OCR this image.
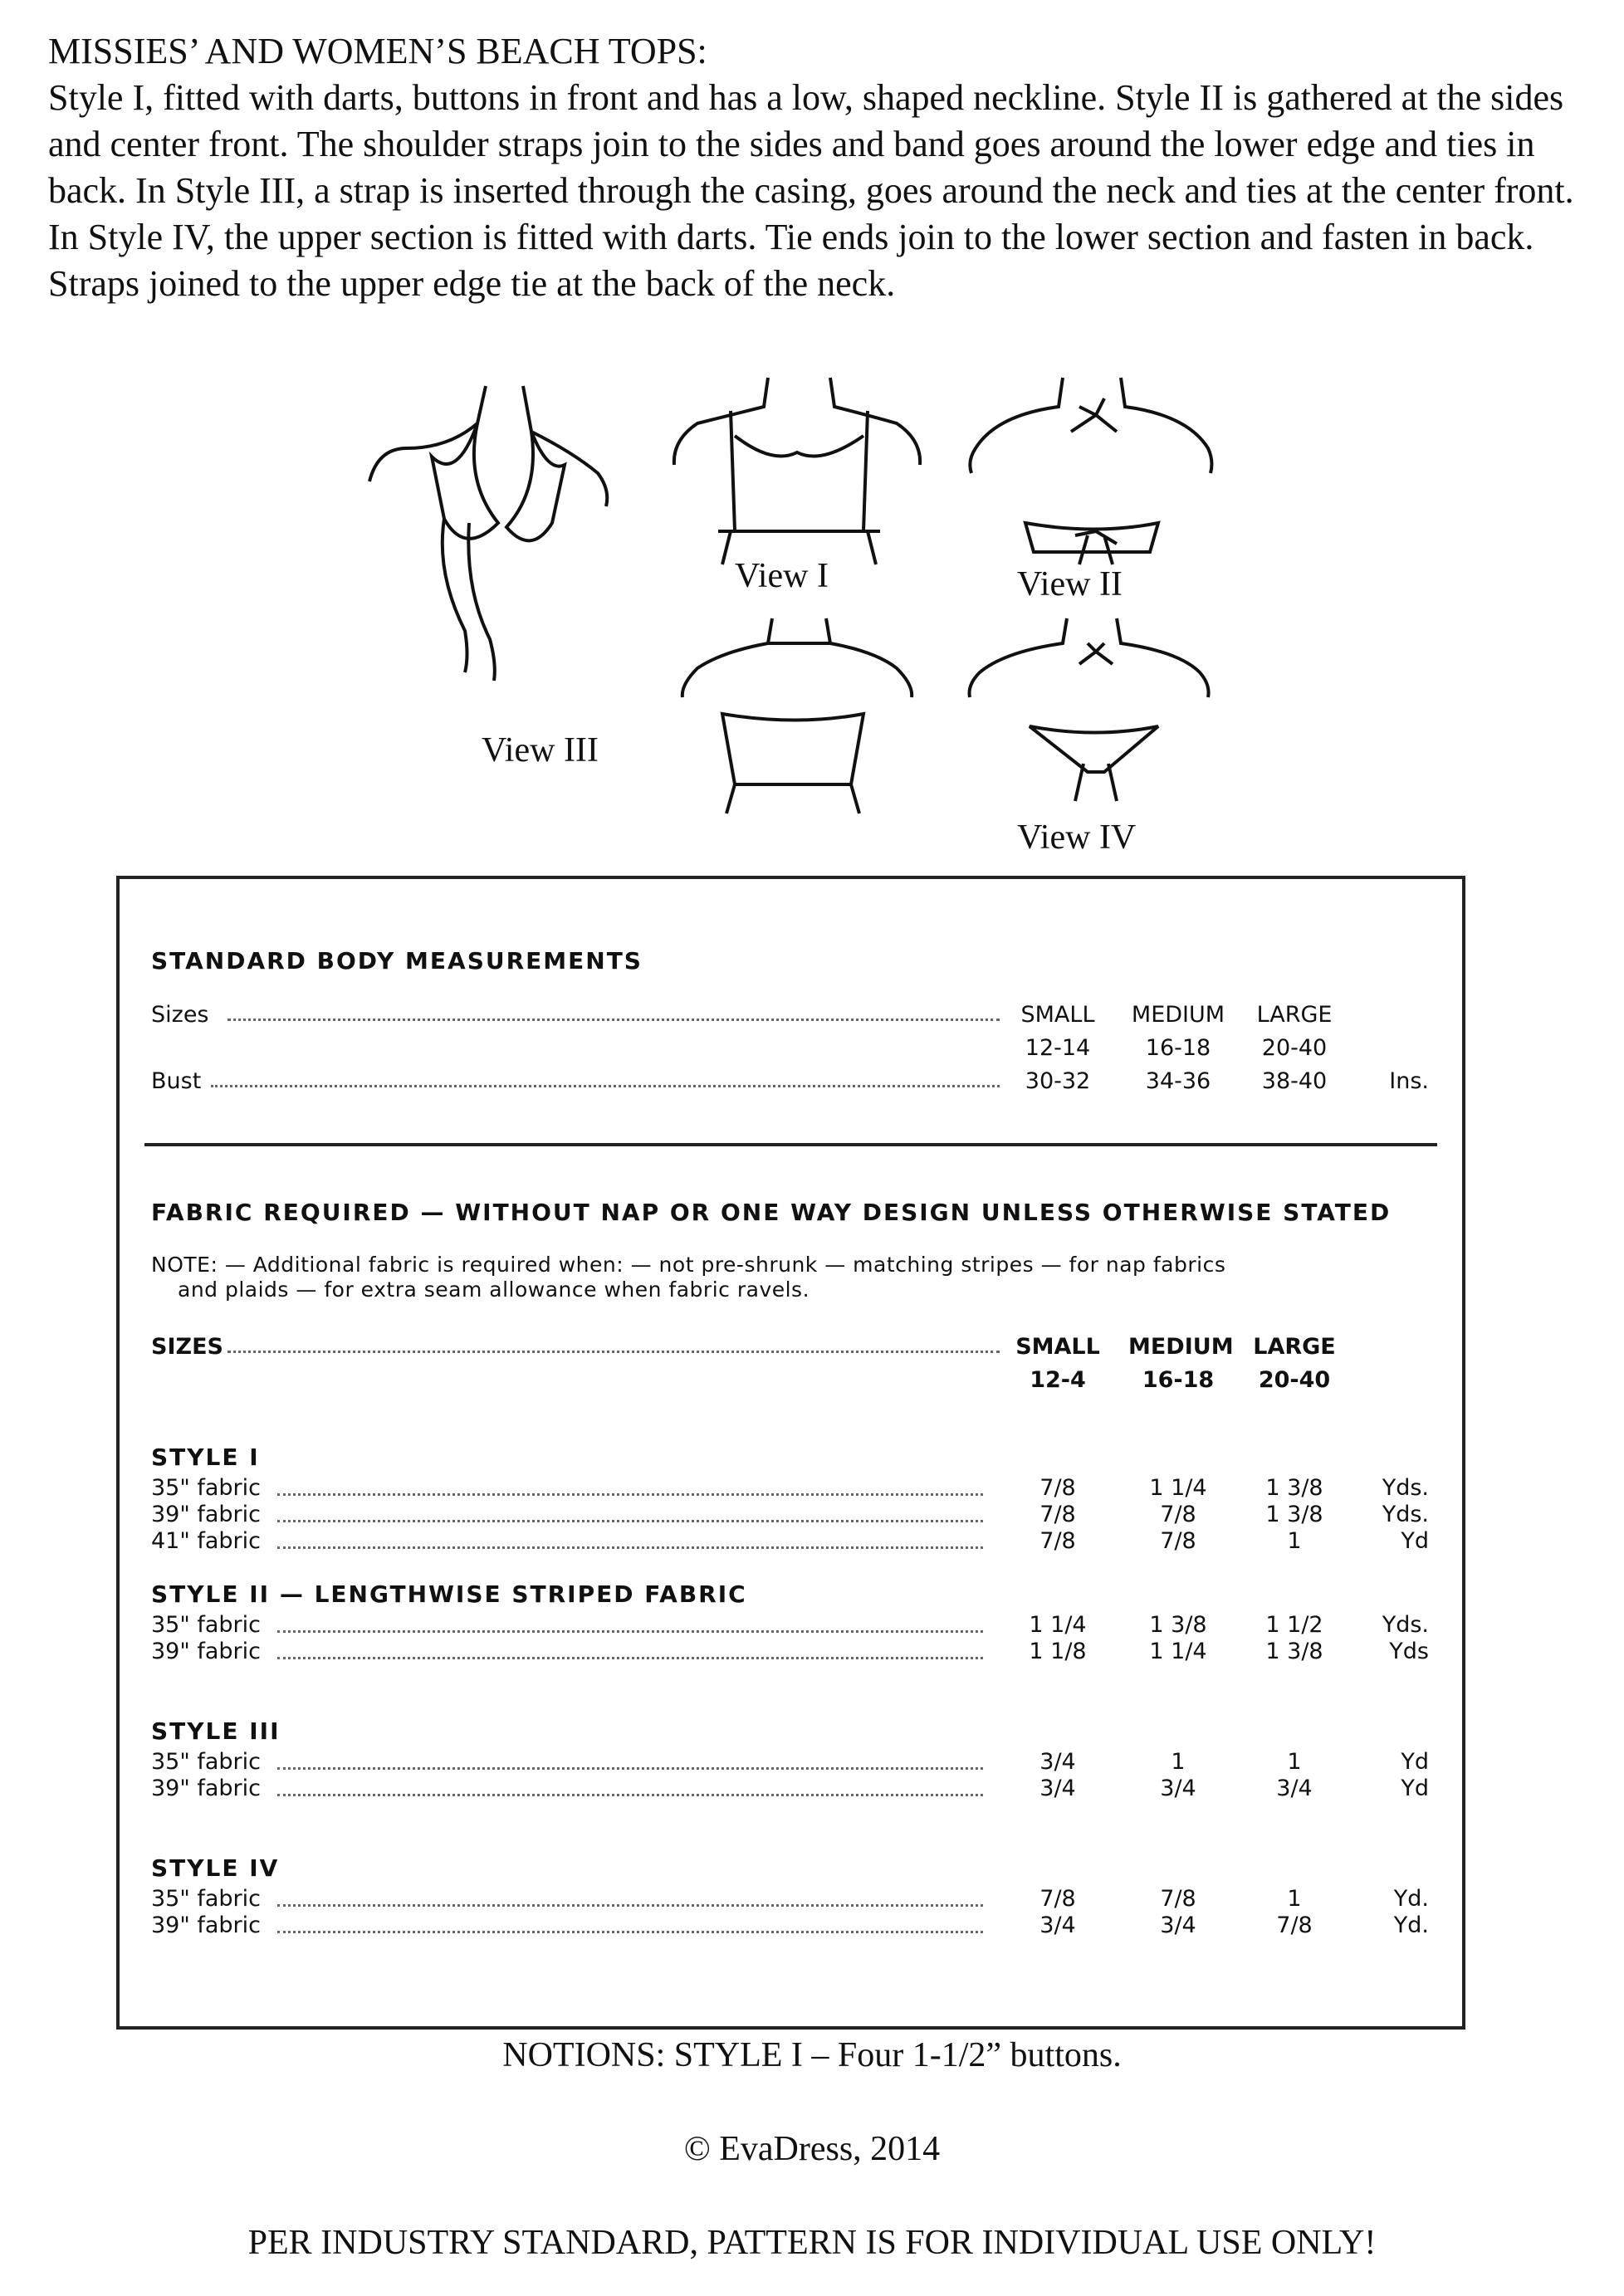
MISSIES’ AND WOMEN’S BEACH TOPS:
Style I, fitted with darts, buttons in front and has a low, shaped neckline. Style II is gathered at the sides and center front. The shoulder straps join to the sides and band goes around the lower edge and ties in back. In Style III, a strap is inserted through the casing, goes around the neck and ties at the center front. In Style IV, the upper section is fitted with darts. Tie ends join to the lower section and fasten in back. Straps joined to the upper edge tie at the back of the neck.
View I	View II
View III
View IV
STANDARD BODY MEASUREMENTS
Sizes	SMALL	MEDIUM	LARGE
12-14	16-18	20-40
Bust	30-32	34-36	38-40	Ins.
FABRIC REQUIRED — WITHOUT NAP OR ONE WAY DESIGN UNLESS OTHERWISE STATED
NOTE: — Additional fabric is required when: — not pre-shrunk — matching stripes — for nap fabrics
and plaids — for extra seam allowance when fabric ravels.
SIZES	SMALL	MEDIUM LARGE
12-4	16-18	20-40
STYLE I
35" fabric	7/8	1 1/4	1 3/8	Yds.
39" fabric	7/8	7/8	1 3/8	Yds.
41" fabric	7/8	7/8	1	Yd
STYLE II — LENGTHWISE STRIPED FABRIC
35" fabric	1 1/4	1 3/8	1 1/2	Yds.
39" fabric	1 1/8	1 1/4	1 3/8	Yds
STYLE III
35" fabric	3/4	1	1	Yd
39" fabric	3/4	3/4	3/4	Yd
STYLE IV
35" fabric	7/8	7/8	1	Yd.
39" fabric	3/4	3/4	7/8	Yd.
NOTIONS: STYLE I – Four 1-1/2” buttons.
© EvaDress, 2014
PER INDUSTRY STANDARD, PATTERN IS FOR INDIVIDUAL USE ONLY!
